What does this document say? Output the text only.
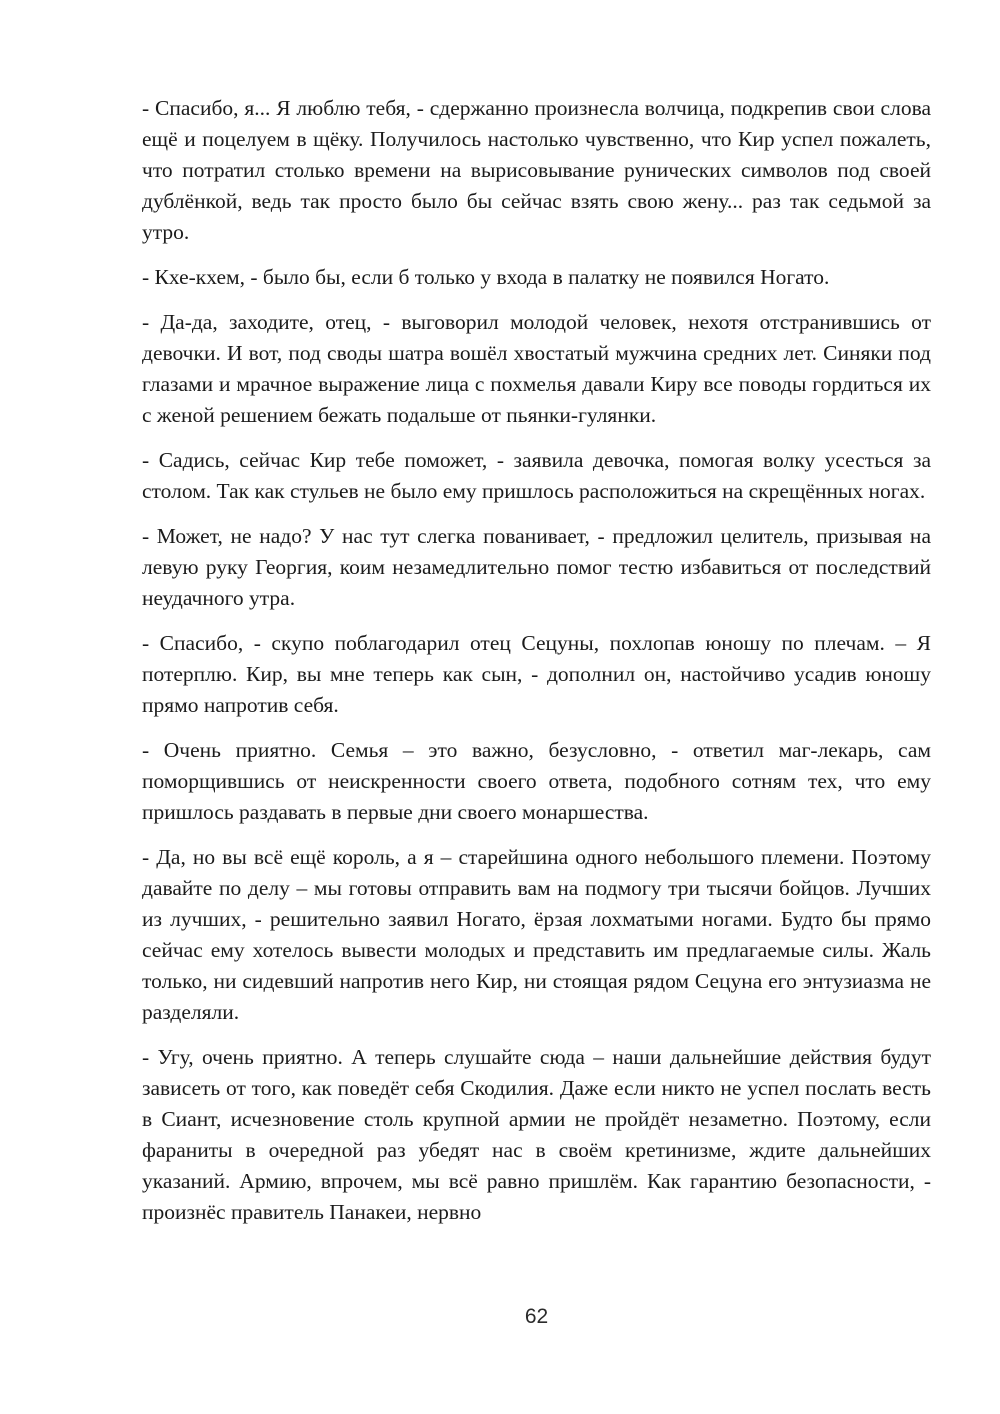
- Спасибо, я... Я люблю тебя, - сдержанно произнесла волчица, подкрепив свои слова ещё и поцелуем в щёку. Получилось настолько чувственно, что Кир успел пожалеть, что потратил столько времени на вырисовывание рунических символов под своей дублёнкой, ведь так просто было бы сейчас взять свою жену... раз так седьмой за утро.

- Кхе-кхем, - было бы, если б только у входа в палатку не появился Ногато.

- Да-да, заходите, отец, - выговорил молодой человек, нехотя отстранившись от девочки. И вот, под своды шатра вошёл хвостатый мужчина средних лет. Синяки под глазами и мрачное выражение лица с похмелья давали Киру все поводы гордиться их с женой решением бежать подальше от пьянки-гулянки.

- Садись, сейчас Кир тебе поможет, - заявила девочка, помогая волку усесться за столом. Так как стульев не было ему пришлось расположиться на скрещённых ногах.

- Может, не надо? У нас тут слегка пованивает, - предложил целитель, призывая на левую руку Георгия, коим незамедлительно помог тестю избавиться от последствий неудачного утра.

- Спасибо, - скупо поблагодарил отец Сецуны, похлопав юношу по плечам. – Я потерплю. Кир, вы мне теперь как сын, - дополнил он, настойчиво усадив юношу прямо напротив себя.

- Очень приятно. Семья – это важно, безусловно, - ответил маг-лекарь, сам поморщившись от неискренности своего ответа, подобного сотням тех, что ему пришлось раздавать в первые дни своего монаршества.

- Да, но вы всё ещё король, а я – старейшина одного небольшого племени. Поэтому давайте по делу – мы готовы отправить вам на подмогу три тысячи бойцов. Лучших из лучших, - решительно заявил Ногато, ёрзая лохматыми ногами. Будто бы прямо сейчас ему хотелось вывести молодых и представить им предлагаемые силы. Жаль только, ни сидевший напротив него Кир, ни стоящая рядом Сецуна его энтузиазма не разделяли.

- Угу, очень приятно. А теперь слушайте сюда – наши дальнейшие действия будут зависеть от того, как поведёт себя Скодилия. Даже если никто не успел послать весть в Сиант, исчезновение столь крупной армии не пройдёт незаметно. Поэтому, если фараниты в очередной раз убедят нас в своём кретинизме, ждите дальнейших указаний. Армию, впрочем, мы всё равно пришлём. Как гарантию безопасности, - произнёс правитель Панакеи, нервно

62
